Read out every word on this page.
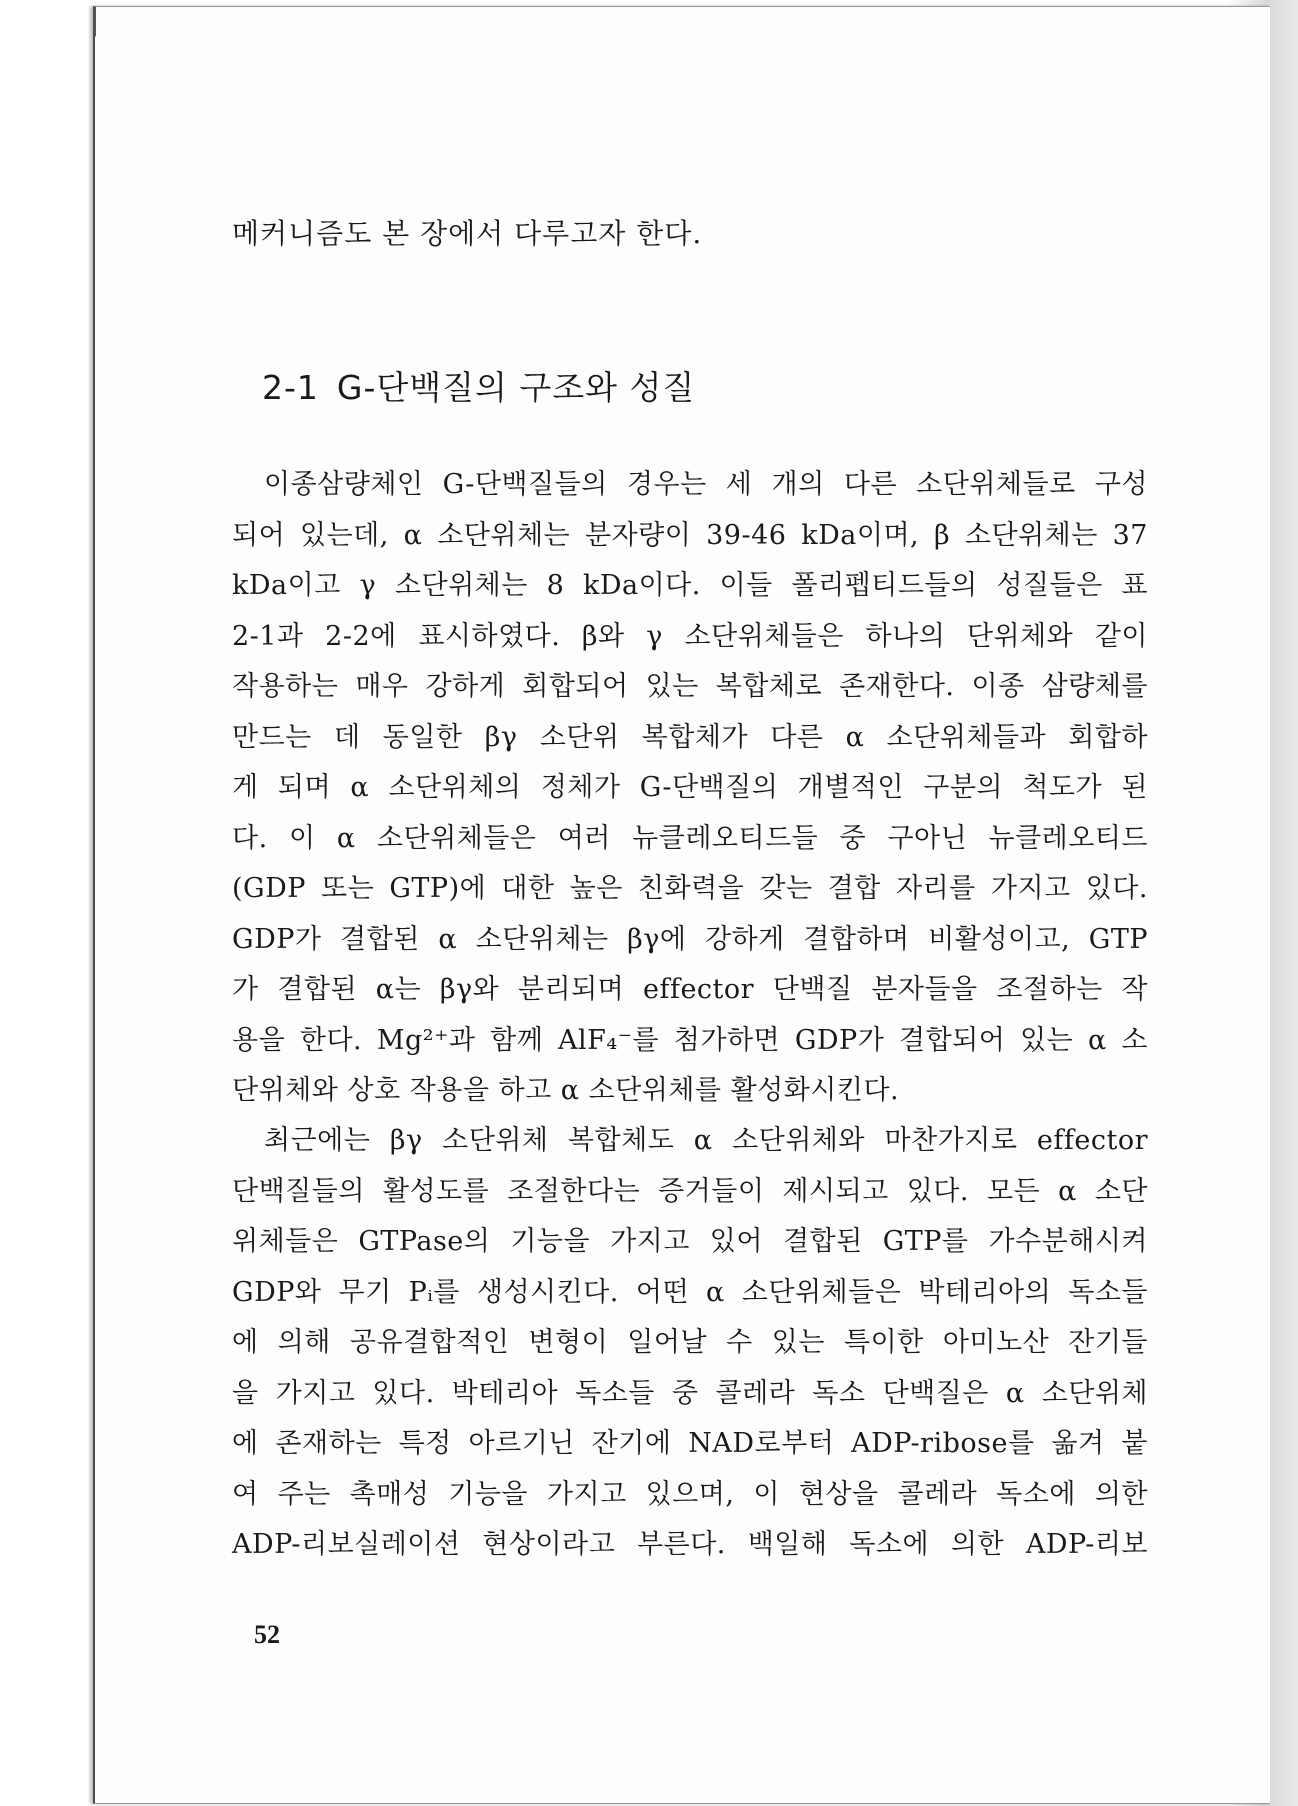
메커니즘도 본 장에서 다루고자 한다.
2-1 G-단백질의 구조와 성질
이종삼량체인 G-단백질들의 경우는 세 개의 다른 소단위체들로 구성
되어 있는데, α 소단위체는 분자량이 39-46 kDa이며, β 소단위체는 37
kDa이고 γ 소단위체는 8 kDa이다. 이들 폴리펩티드들의 성질들은 표
2-1과 2-2에 표시하였다. β와 γ 소단위체들은 하나의 단위체와 같이
작용하는 매우 강하게 회합되어 있는 복합체로 존재한다. 이종 삼량체를
만드는 데 동일한 βγ 소단위 복합체가 다른 α 소단위체들과 회합하
게 되며 α 소단위체의 정체가 G-단백질의 개별적인 구분의 척도가 된
다. 이 α 소단위체들은 여러 뉴클레오티드들 중 구아닌 뉴클레오티드
(GDP 또는 GTP)에 대한 높은 친화력을 갖는 결합 자리를 가지고 있다.
GDP가 결합된 α 소단위체는 βγ에 강하게 결합하며 비활성이고, GTP
가 결합된 α는 βγ와 분리되며 effector 단백질 분자들을 조절하는 작
용을 한다. Mg²⁺과 함께 AlF₄⁻를 첨가하면 GDP가 결합되어 있는 α 소
단위체와 상호 작용을 하고 α 소단위체를 활성화시킨다.
최근에는 βγ 소단위체 복합체도 α 소단위체와 마찬가지로 effector
단백질들의 활성도를 조절한다는 증거들이 제시되고 있다. 모든 α 소단
위체들은 GTPase의 기능을 가지고 있어 결합된 GTP를 가수분해시켜
GDP와 무기 Pᵢ를 생성시킨다. 어떤 α 소단위체들은 박테리아의 독소들
에 의해 공유결합적인 변형이 일어날 수 있는 특이한 아미노산 잔기들
을 가지고 있다. 박테리아 독소들 중 콜레라 독소 단백질은 α 소단위체
에 존재하는 특정 아르기닌 잔기에 NAD로부터 ADP-ribose를 옮겨 붙
여 주는 촉매성 기능을 가지고 있으며, 이 현상을 콜레라 독소에 의한
ADP-리보실레이션 현상이라고 부른다. 백일해 독소에 의한 ADP-리보
52
